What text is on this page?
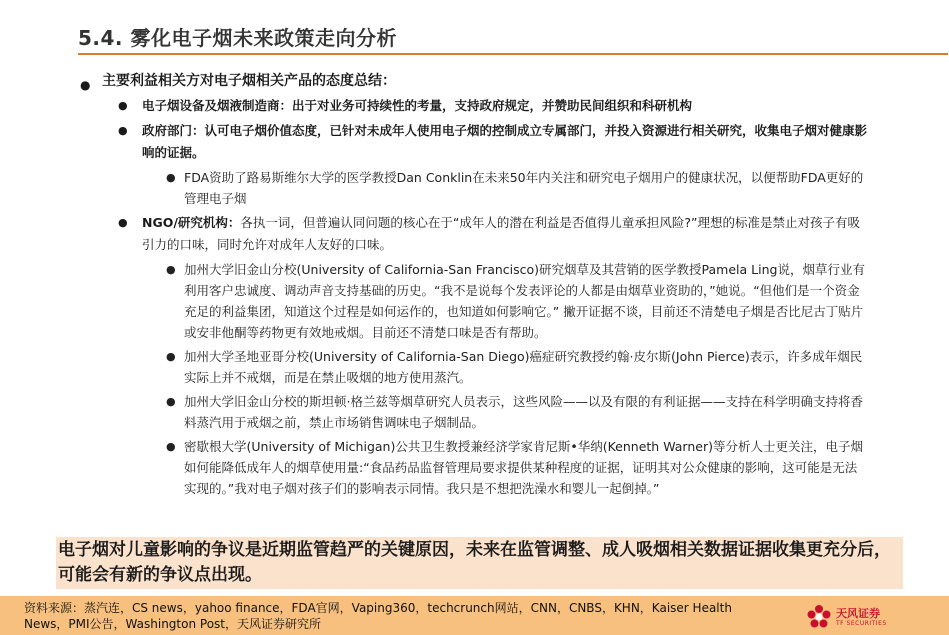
5.4. 雾化电子烟未来政策走向分析
● 主要利益相关方对电子烟相关产品的态度总结：
● 电子烟设备及烟液制造商：出于对业务可持续性的考量，支持政府规定，并赞助民间组织和科研机构
● 政府部门：认可电子烟价值态度，已针对未成年人使用电子烟的控制成立专属部门，并投入资源进行相关研究，收集电子烟对健康影响的证据。
● FDA资助了路易斯维尔大学的医学教授Dan Conklin在未来50年内关注和研究电子烟用户的健康状况，以便帮助FDA更好的管理电子烟
● NGO/研究机构：各执一词，但普遍认同问题的核心在于“成年人的潜在利益是否值得儿童承担风险?”理想的标准是禁止对孩子有吸引力的口味，同时允许对成年人友好的口味。
● 加州大学旧金山分校(University of California-San Francisco)研究烟草及其营销的医学教授Pamela Ling说，烟草行业有利用客户忠诚度、调动声音支持基础的历史。“我不是说每个发表评论的人都是由烟草业资助的，”她说。“但他们是一个资金充足的利益集团，知道这个过程是如何运作的，也知道如何影响它。” 撇开证据不谈，目前还不清楚电子烟是否比尼古丁贴片或安非他酮等药物更有效地戒烟。目前还不清楚口味是否有帮助。
● 加州大学圣地亚哥分校(University of California-San Diego)癌症研究教授约翰·皮尔斯(John Pierce)表示，许多成年烟民实际上并不戒烟，而是在禁止吸烟的地方使用蒸汽。
● 加州大学旧金山分校的斯坦顿·格兰兹等烟草研究人员表示，这些风险——以及有限的有利证据——支持在科学明确支持将香料蒸汽用于戒烟之前，禁止市场销售调味电子烟制品。
● 密歇根大学(University of Michigan)公共卫生教授兼经济学家肯尼斯•华纳(Kenneth Warner)等分析人士更关注，电子烟如何能降低成年人的烟草使用量:“食品药品监督管理局要求提供某种程度的证据，证明其对公众健康的影响，这可能是无法实现的。”我对电子烟对孩子们的影响表示同情。我只是不想把洗澡水和婴儿一起倒掉。”
电子烟对儿童影响的争议是近期监管趋严的关键原因，未来在监管调整、成人吸烟相关数据证据收集更充分后，可能会有新的争议点出现。
资料来源：蒸汽连，CS news，yahoo finance，FDA官网，Vaping360，techcrunch网站，CNN，CNBS，KHN，Kaiser Health News，PMI公告，Washington Post，天风证券研究所
天风证券
TF SECURITIES
